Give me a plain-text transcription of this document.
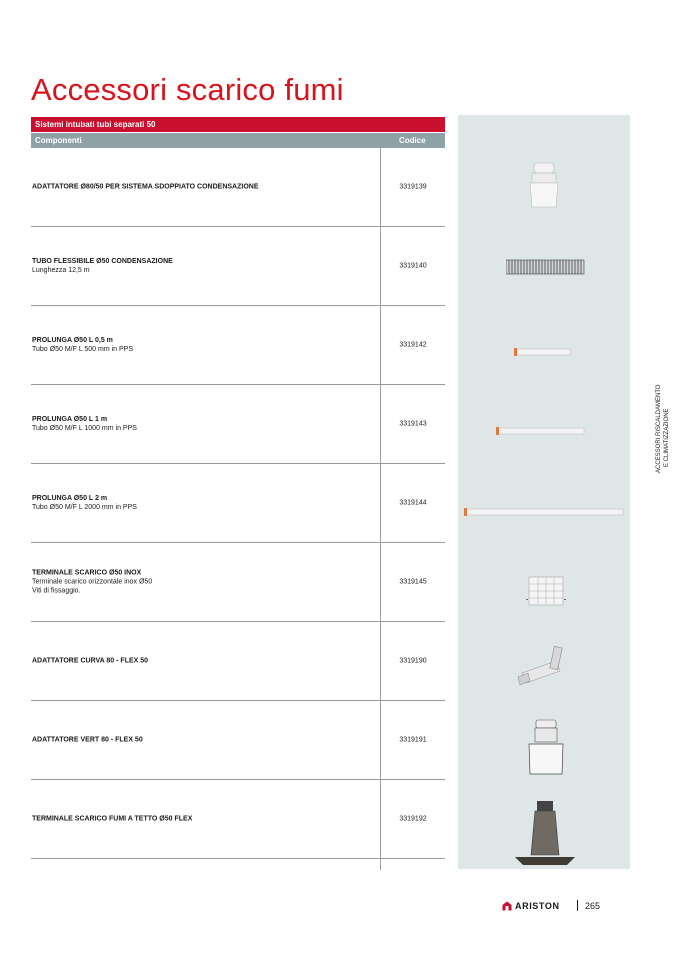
Accessori scarico fumi
Sistemi intubati tubi separati 50
Componenti	Codice
ADATTATORE Ø80/50 PER SISTEMA SDOPPIATO CONDENSAZIONE	3319139
TUBO FLESSIBILE Ø50 CONDENSAZIONE
Lunghezza 12,5 m
3319140
PROLUNGA Ø50 L 0,5 m
Tubo Ø50 M/F L 500 mm in PPS
3319142
PROLUNGA Ø50 L 1 m
Tubo Ø50 M/F L 1000 mm in PPS
3319143
PROLUNGA Ø50 L 2 m
Tubo Ø50 M/F L 2000 mm in PPS
3319144
TERMINALE SCARICO Ø50 INOX
Terminale scarico orizzontale inox Ø50
Viti di fissaggio.
3319145
ADATTATORE CURVA 80 - FLEX 50	3319190
ADATTATORE VERT 80 - FLEX 50	3319191
TERMINALE SCARICO FUMI A TETTO Ø50 FLEX	3319192
ACCESSORI RISCALDAMENTO E CLIMATIZZAZIONE
ARISTON	265
